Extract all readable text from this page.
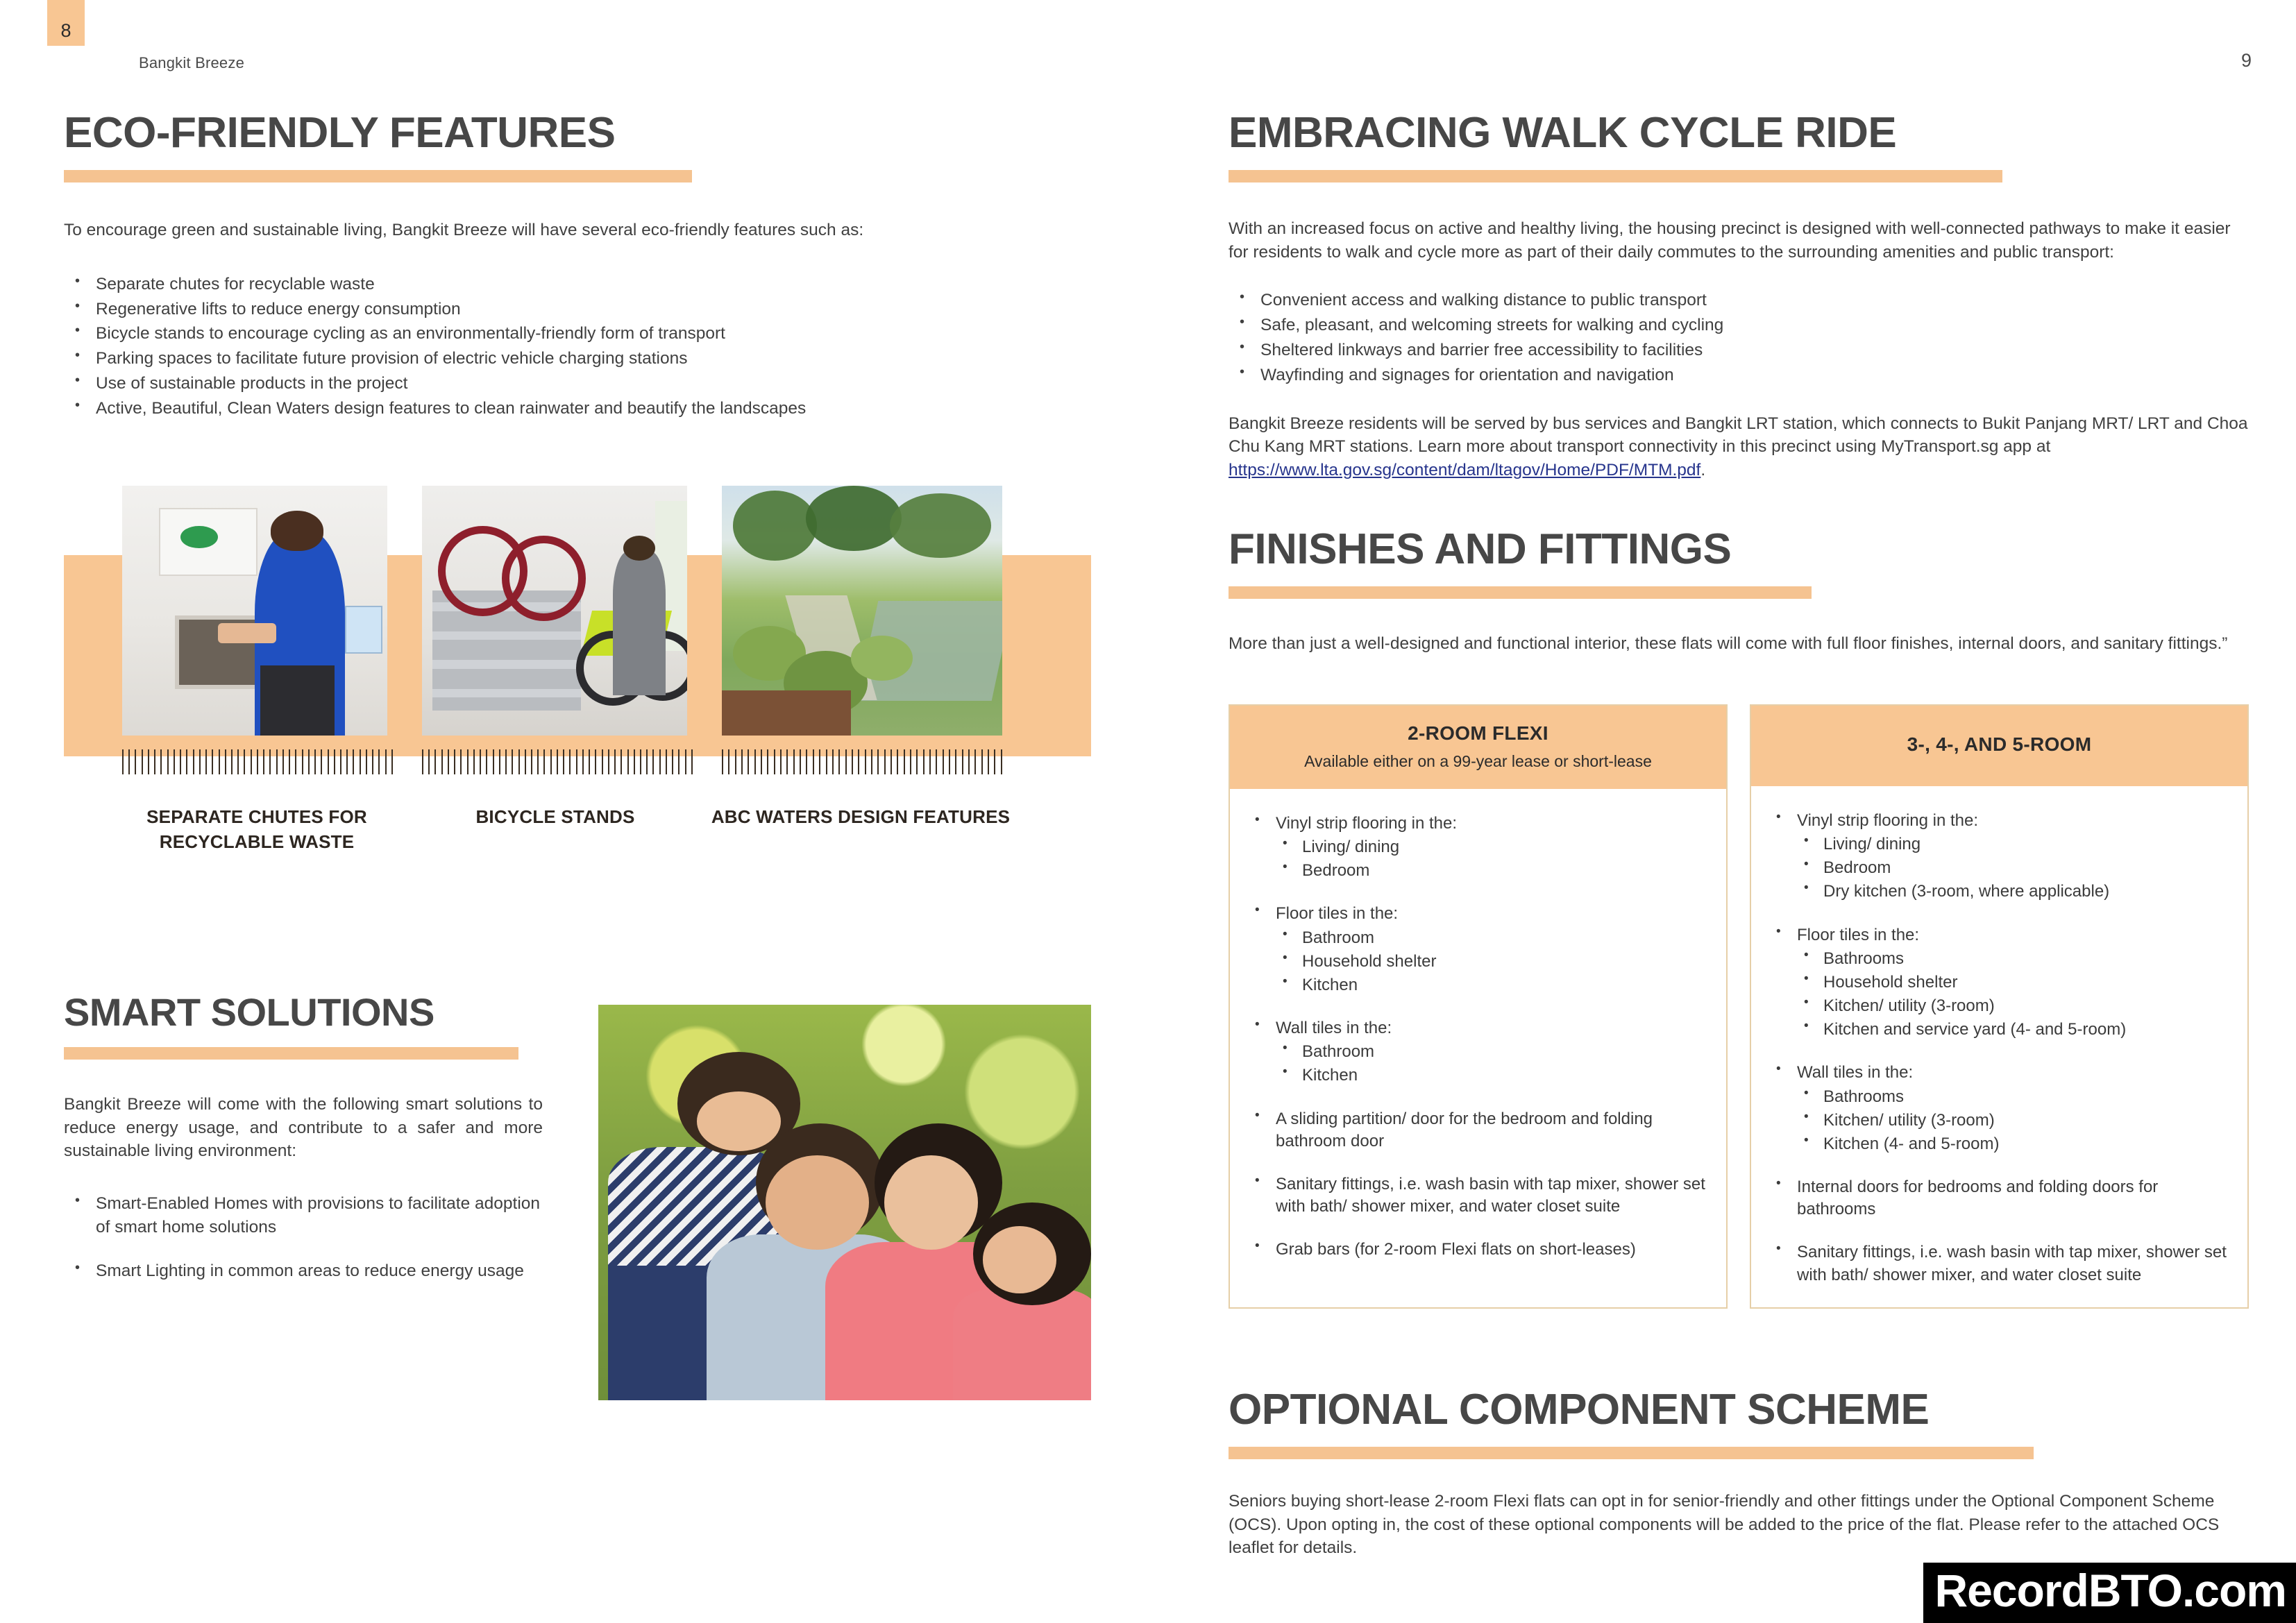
8
Bangkit Breeze	9
ECO-FRIENDLY FEATURES

To encourage green and sustainable living, Bangkit Breeze will have several eco-friendly features such as:

• Separate chutes for recyclable waste
• Regenerative lifts to reduce energy consumption
• Bicycle stands to encourage cycling as an environmentally-friendly form of transport
• Parking spaces to facilitate future provision of electric vehicle charging stations
• Use of sustainable products in the project
• Active, Beautiful, Clean Waters design features to clean rainwater and beautify the landscapes
SEPARATE CHUTES FOR RECYCLABLE WASTE
BICYCLE STANDS	ABC WATERS DESIGN FEATURES
SMART SOLUTIONS

Bangkit Breeze will come with the following smart solutions to reduce energy usage, and contribute to a safer and more sustainable living environment:

• Smart-Enabled Homes with provisions to facilitate adoption of smart home solutions
• Smart Lighting in common areas to reduce energy usage
EMBRACING WALK CYCLE RIDE

With an increased focus on active and healthy living, the housing precinct is designed with well-connected pathways to make it easier for residents to walk and cycle more as part of their daily commutes to the surrounding amenities and public transport:

• Convenient access and walking distance to public transport
• Safe, pleasant, and welcoming streets for walking and cycling
• Sheltered linkways and barrier free accessibility to facilities
• Wayfinding and signages for orientation and navigation

Bangkit Breeze residents will be served by bus services and Bangkit LRT station, which connects to Bukit Panjang MRT/ LRT and Choa Chu Kang MRT stations. Learn more about transport connectivity in this precinct using MyTransport.sg app at https://www.lta.gov.sg/content/dam/ltagov/Home/PDF/MTM.pdf.

FINISHES AND FITTINGS

More than just a well-designed and functional interior, these flats will come with full floor finishes, internal doors, and sanitary fittings.”

2-ROOM FLEXI
Available either on a 99-year lease or short-lease
• Vinyl strip flooring in the:
• Living/ dining
• Bedroom
• Floor tiles in the:
• Bathroom
• Household shelter
• Kitchen
• Wall tiles in the:
• Bathroom
• Kitchen
• A sliding partition/ door for the bedroom and folding bathroom door
• Sanitary fittings, i.e. wash basin with tap mixer, shower set with bath/ shower mixer, and water closet suite
• Grab bars (for 2-room Flexi flats on short-leases)
3-, 4-, AND 5-ROOM
• Vinyl strip flooring in the:
• Living/ dining
• Bedroom
• Dry kitchen (3-room, where applicable)
• Floor tiles in the:
• Bathrooms
• Household shelter
• Kitchen/ utility (3-room)
• Kitchen and service yard (4- and 5-room)
• Wall tiles in the:
• Bathrooms
• Kitchen/ utility (3-room)
• Kitchen (4- and 5-room)
• Internal doors for bedrooms and folding doors for bathrooms
• Sanitary fittings, i.e. wash basin with tap mixer, shower set with bath/ shower mixer, and water closet suite
OPTIONAL COMPONENT SCHEME

Seniors buying short-lease 2-room Flexi flats can opt in for senior-friendly and other fittings under the Optional Component Scheme (OCS). Upon opting in, the cost of these optional components will be added to the price of the flat. Please refer to the attached OCS leaflet for details.

RecordBTO.com
